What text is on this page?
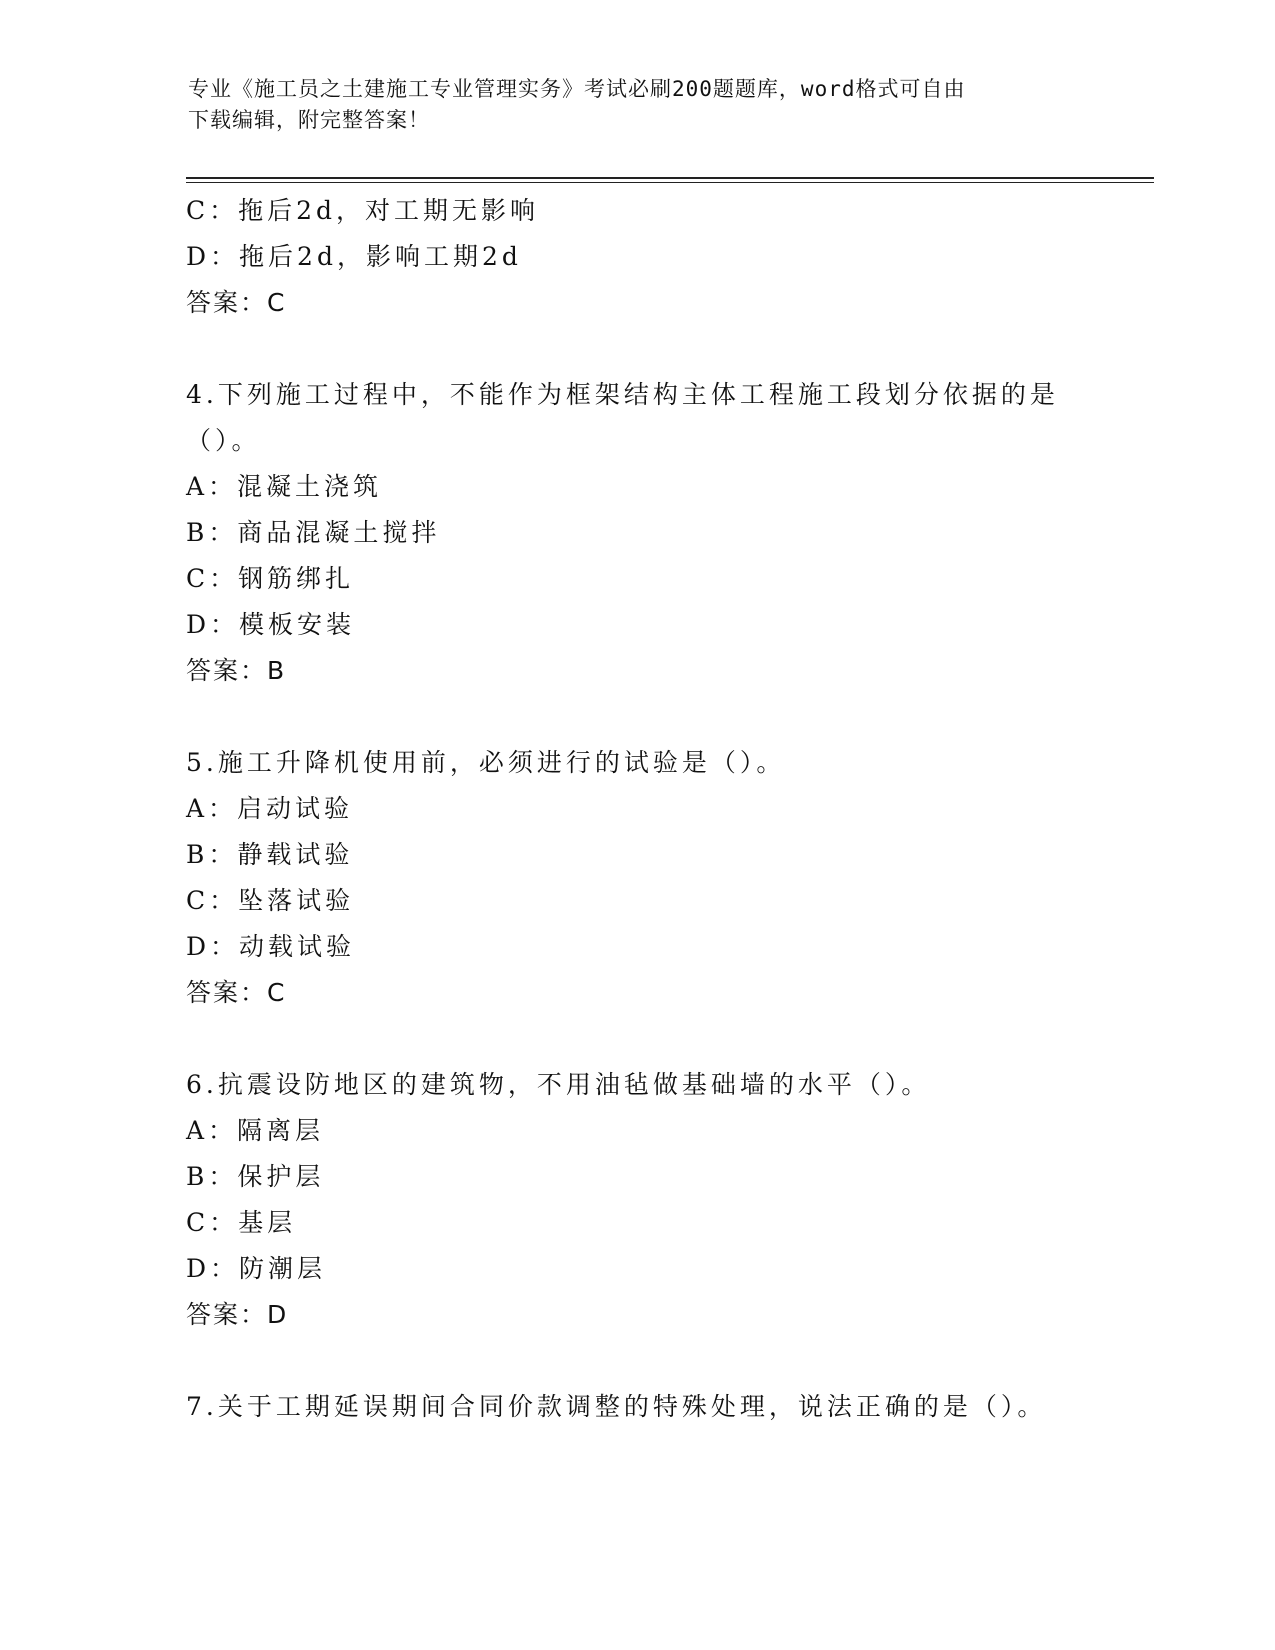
专业《施工员之土建施工专业管理实务》考试必刷200题题库，word格式可自由
下载编辑，附完整答案！
C：拖后2d，对工期无影响
D：拖后2d，影响工期2d
答案：C
4.下列施工过程中，不能作为框架结构主体工程施工段划分依据的是
（）。
A：混凝土浇筑
B：商品混凝土搅拌
C：钢筋绑扎
D：模板安装
答案：B
5.施工升降机使用前，必须进行的试验是（）。
A：启动试验
B：静载试验
C：坠落试验
D：动载试验
答案：C
6.抗震设防地区的建筑物，不用油毡做基础墙的水平（）。
A：隔离层
B：保护层
C：基层
D：防潮层
答案：D
7.关于工期延误期间合同价款调整的特殊处理，说法正确的是（）。
